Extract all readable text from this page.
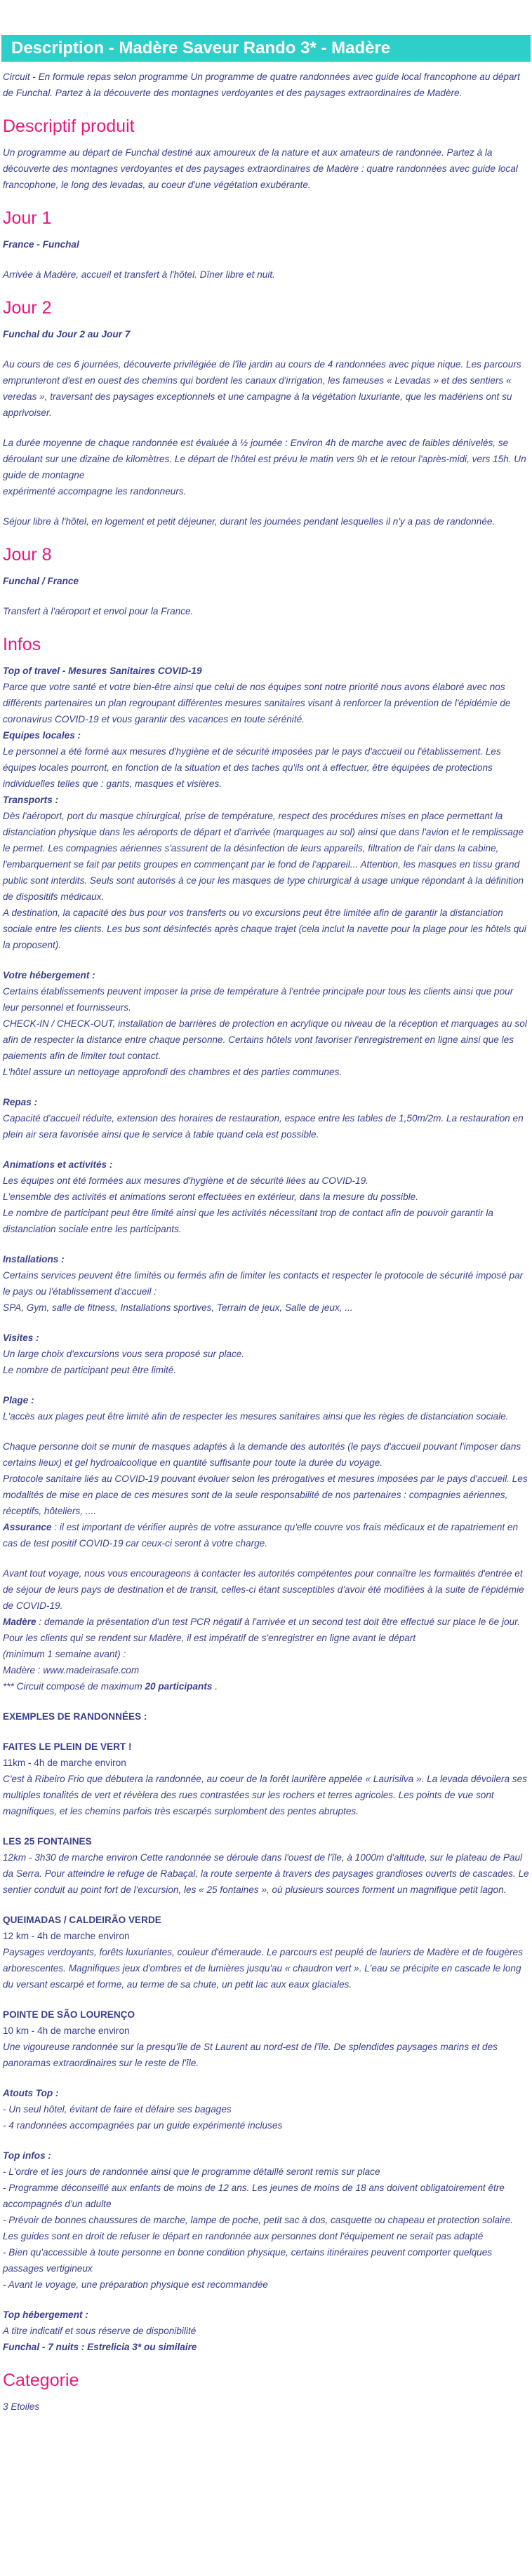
Description - Madère Saveur Rando 3* - Madère

Circuit - En formule repas selon programme Un programme de quatre randonnées avec guide local francophone au départ de Funchal. Partez à la découverte des montagnes verdoyantes et des paysages extraordinaires de Madère.

Descriptif produit

Un programme au départ de Funchal destiné aux amoureux de la nature et aux amateurs de randonnée. Partez à la découverte des montagnes verdoyantes et des paysages extraordinaires de Madère : quatre randonnées avec guide local francophone, le long des levadas, au coeur d'une végétation exubérante.

Jour 1

France - Funchal

Arrivée à Madère, accueil et transfert à l'hôtel. Dîner libre et nuit.

Jour 2

Funchal du Jour 2 au Jour 7

Au cours de ces 6 journées, découverte privilégiée de l'île jardin au cours de 4 randonnées avec pique nique. Les parcours emprunteront d'est en ouest des chemins qui bordent les canaux d'irrigation, les fameuses « Levadas » et des sentiers « veredas », traversant des paysages exceptionnels et une campagne à la végétation luxuriante, que les madériens ont su apprivoiser.

La durée moyenne de chaque randonnée est évaluée à ½ journée : Environ 4h de marche avec de faibles dénivelés, se déroulant sur une dizaine de kilomètres. Le départ de l'hôtel est prévu le matin vers 9h et le retour l'après-midi, vers 15h. Un guide de montagne

expérimenté accompagne les randonneurs.

Séjour libre à l'hôtel, en logement et petit déjeuner, durant les journées pendant lesquelles il n'y a pas de randonnée.

Jour 8

Funchal / France

Transfert à l'aéroport et envol pour la France.

Infos

Top of travel - Mesures Sanitaires COVID-19

Parce que votre santé et votre bien-être ainsi que celui de nos équipes sont notre priorité nous avons élaboré avec nos différents partenaires un plan regroupant différentes mesures sanitaires visant à renforcer la prévention de l'épidémie de coronavirus COVID-19 et vous garantir des vacances en toute sérénité.

Equipes locales :

Le personnel a été formé aux mesures d'hygiène et de sécurité imposées par le pays d'accueil ou l'établissement. Les équipes locales pourront, en fonction de la situation et des taches qu'ils ont à effectuer, être équipées de protections individuelles telles que : gants, masques et visières.

Transports :

Dès l'aéroport, port du masque chirurgical, prise de température, respect des procédures mises en place permettant la distanciation physique dans les aéroports de départ et d'arrivée (marquages au sol) ainsi que dans l'avion et le remplissage le permet. Les compagnies aériennes s'assurent de la désinfection de leurs appareils, filtration de l'air dans la cabine, l'embarquement se fait par petits groupes en commençant par le fond de l'appareil... Attention, les masques en tissu grand public sont interdits. Seuls sont autorisés à ce jour les masques de type chirurgical à usage unique répondant à la définition de dispositifs médicaux.

A destination, la capacité des bus pour vos transferts ou vo excursions peut être limitée afin de garantir la distanciation sociale entre les clients. Les bus sont désinfectés après chaque trajet (cela inclut la navette pour la plage pour les hôtels qui la proposent).

Votre hébergement :

Certains établissements peuvent imposer la prise de température à l'entrée principale pour tous les clients ainsi que pour leur personnel et fournisseurs.

CHECK-IN / CHECK-OUT, installation de barrières de protection en acrylique ou niveau de la réception et marquages au sol afin de respecter la distance entre chaque personne. Certains hôtels vont favoriser l'enregistrement en ligne ainsi que les paiements afin de limiter tout contact.

L'hôtel assure un nettoyage approfondi des chambres et des parties communes.

Repas :

Capacité d'accueil réduite, extension des horaires de restauration, espace entre les tables de 1,50m/2m. La restauration en plein air sera favorisée ainsi que le service à table quand cela est possible.

Animations et activités :

Les équipes ont été formées aux mesures d'hygiène et de sécurité liées au COVID-19.

L'ensemble des activités et animations seront effectuées en extérieur, dans la mesure du possible.

Le nombre de participant peut être limité ainsi que les activités nécessitant trop de contact afin de pouvoir garantir la distanciation sociale entre les participants.

Installations :

Certains services peuvent être limités ou fermés afin de limiter les contacts et respecter le protocole de sécurité imposé par le pays ou l'établissement d'accueil :

SPA, Gym, salle de fitness, Installations sportives, Terrain de jeux, Salle de jeux, ...

Visites :

Un large choix d'excursions vous sera proposé sur place.

Le nombre de participant peut être limité.

Plage :

L'accès aux plages peut être limité afin de respecter les mesures sanitaires ainsi que les règles de distanciation sociale.

Chaque personne doit se munir de masques adaptés à la demande des autorités (le pays d'accueil pouvant l'imposer dans certains lieux) et gel hydroalcoolique en quantité suffisante pour toute la durée du voyage.

Protocole sanitaire liés au COVID-19 pouvant évoluer selon les prérogatives et mesures imposées par le pays d'accueil. Les modalités de mise en place de ces mesures sont de la seule responsabilité de nos partenaires : compagnies aériennes, réceptifs, hôteliers, ....

Assurance : il est important de vérifier auprès de votre assurance qu'elle couvre vos frais médicaux et de rapatriement en cas de test positif COVID-19 car ceux-ci seront à votre charge.

Avant tout voyage, nous vous encourageons à contacter les autorités compétentes pour connaître les formalités d'entrée et de séjour de leurs pays de destination et de transit, celles-ci étant susceptibles d'avoir été modifiées à la suite de l'épidémie de COVID-19.

Madère : demande la présentation d'un test PCR négatif à l'arrivée et un second test doit être effectué sur place le 6e jour.

Pour les clients qui se rendent sur Madère, il est impératif de s'enregistrer en ligne avant le départ

(minimum 1 semaine avant) :

Madère : www.madeirasafe.com

*** Circuit composé de maximum 20 participants .

EXEMPLES DE RANDONNÉES :

FAITES LE PLEIN DE VERT !

11km - 4h de marche environ

C'est à Ribeiro Frio que débutera la randonnée, au coeur de la forêt laurifère appelée « Laurisilva ». La levada dévoilera ses multiples tonalités de vert et révèlera des rues contrastées sur les rochers et terres agricoles. Les points de vue sont magnifiques, et les chemins parfois très escarpés surplombent des pentes abruptes.

LES 25 FONTAINES

12km - 3h30 de marche environ Cette randonnée se déroule dans l'ouest de l'île, à 1000m d'altitude, sur le plateau de Paul da Serra. Pour atteindre le refuge de Rabaçal, la route serpente à travers des paysages grandioses ouverts de cascades. Le sentier conduit au point fort de l'excursion, les « 25 fontaines », où plusieurs sources forment un magnifique petit lagon.

QUEIMADAS / CALDEIRÃO VERDE

12 km - 4h de marche environ

Paysages verdoyants, forêts luxuriantes, couleur d'émeraude. Le parcours est peuplé de lauriers de Madère et de fougères arborescentes. Magnifiques jeux d'ombres et de lumières jusqu'au « chaudron vert ». L'eau se précipite en cascade le long du versant escarpé et forme, au terme de sa chute, un petit lac aux eaux glaciales.

POINTE DE SÃO LOURENÇO

10 km - 4h de marche environ

Une vigoureuse randonnée sur la presqu'île de St Laurent au nord-est de l'île. De splendides paysages marins et des panoramas extraordinaires sur le reste de l'île.

Atouts Top :

- Un seul hôtel, évitant de faire et défaire ses bagages

- 4 randonnées accompagnées par un guide expérimenté incluses

Top infos :

- L'ordre et les jours de randonnée ainsi que le programme détaillé seront remis sur place

- Programme déconseillé aux enfants de moins de 12 ans. Les jeunes de moins de 18 ans doivent obligatoirement être accompagnés d'un adulte

- Prévoir de bonnes chaussures de marche, lampe de poche, petit sac à dos, casquette ou chapeau et protection solaire. Les guides sont en droit de refuser le départ en randonnée aux personnes dont l'équipement ne serait pas adapté

- Bien qu'accessible à toute personne en bonne condition physique, certains itinéraires peuvent comporter quelques passages vertigineux

- Avant le voyage, une préparation physique est recommandée

Top hébergement :

A titre indicatif et sous réserve de disponibilité

Funchal - 7 nuits : Estrelicia 3* ou similaire

Categorie

3 Etoiles
